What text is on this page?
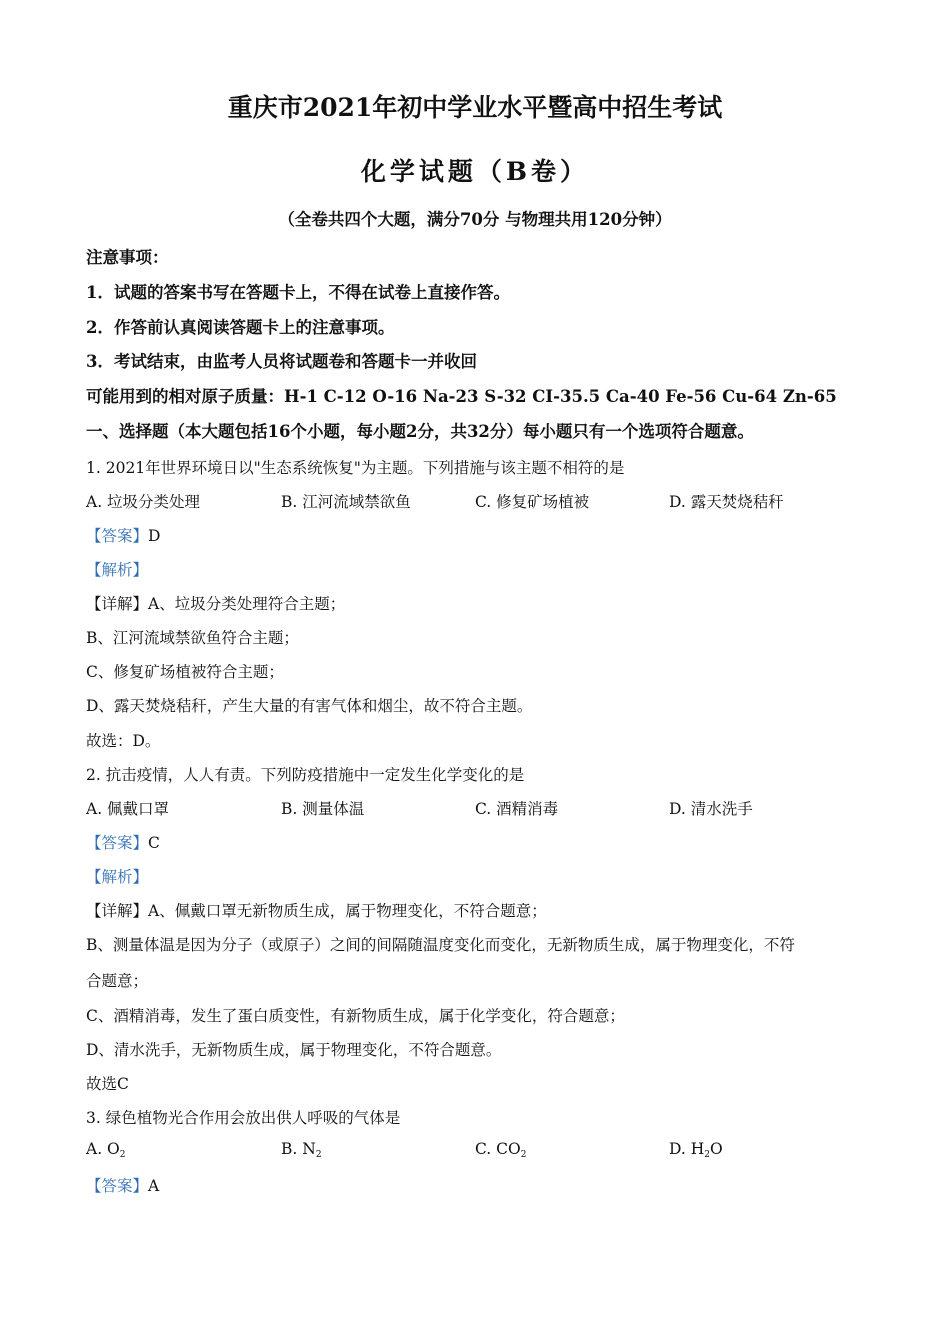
重庆市2021年初中学业水平暨高中招生考试
化学试题（B卷）
（全卷共四个大题，满分70分 与物理共用120分钟）
注意事项：
1．试题的答案书写在答题卡上，不得在试卷上直接作答。
2．作答前认真阅读答题卡上的注意事项。
3．考试结束，由监考人员将试题卷和答题卡一并收回
可能用到的相对原子质量：H-1 C-12 O-16 Na-23 S-32 CI-35.5 Ca-40 Fe-56 Cu-64 Zn-65
一、选择题（本大题包括16个小题，每小题2分，共32分）每小题只有一个选项符合题意。
1. 2021年世界环境日以"生态系统恢复"为主题。下列措施与该主题不相符的是
A. 垃圾分类处理	B. 江河流域禁欲鱼	C. 修复矿场植被	D. 露天焚烧秸秆
【答案】D
【解析】
【详解】A、垃圾分类处理符合主题；
B、江河流域禁欲鱼符合主题；
C、修复矿场植被符合主题；
D、露天焚烧秸秆，产生大量的有害气体和烟尘，故不符合主题。
故选：D。
2. 抗击疫情，人人有责。下列防疫措施中一定发生化学变化的是
A. 佩戴口罩	B. 测量体温	C. 酒精消毒	D. 清水洗手
【答案】C
【解析】
【详解】A、佩戴口罩无新物质生成，属于物理变化，不符合题意；
B、测量体温是因为分子（或原子）之间的间隔随温度变化而变化，无新物质生成，属于物理变化，不符
合题意；
C、酒精消毒，发生了蛋白质变性，有新物质生成，属于化学变化，符合题意；
D、清水洗手，无新物质生成，属于物理变化，不符合题意。
故选C
3. 绿色植物光合作用会放出供人呼吸的气体是
A. $O_2$	B. $N_2$	C. $CO_2$	D. $H_2O$
【答案】A
